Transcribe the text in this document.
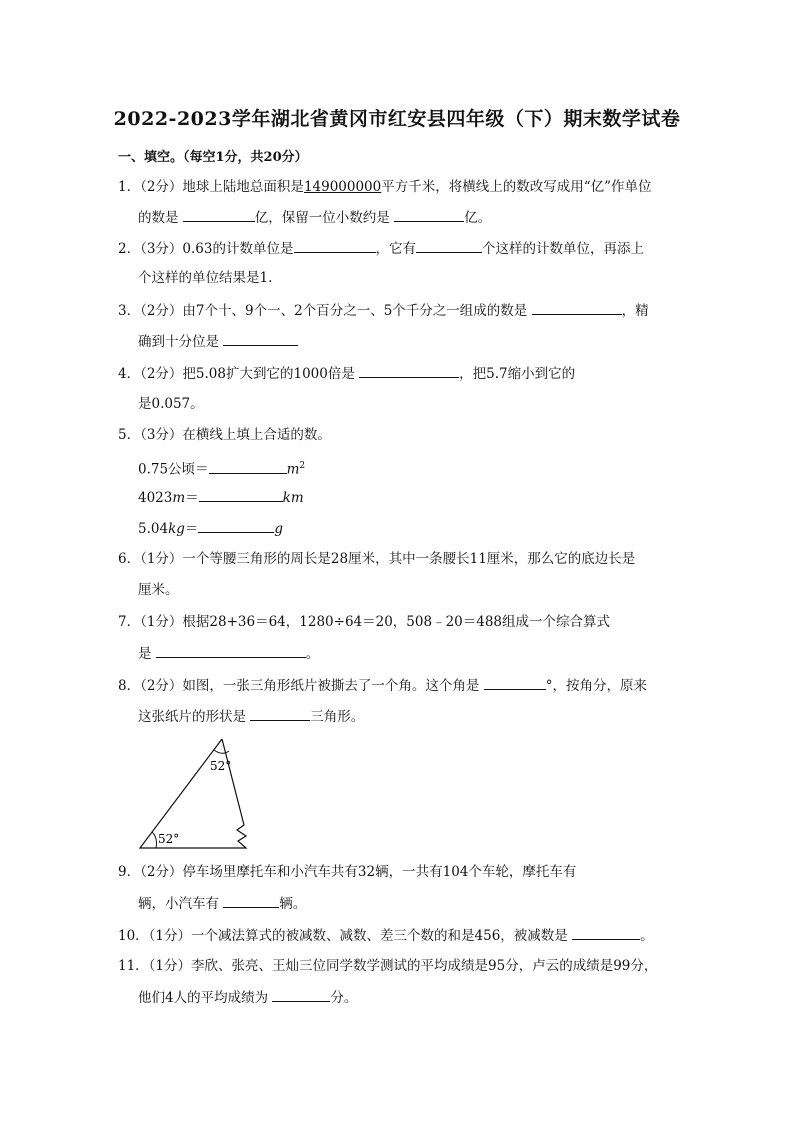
2022-2023学年湖北省黄冈市红安县四年级（下）期末数学试卷
一、填空。（每空1分，共20分）
1．（2分）地球上陆地总面积是149000000平方千米，将横线上的数改写成用“亿”作单位
的数是	亿，保留一位小数约是	亿。
2．（3分）0.63的计数单位是	，它有	个这样的计数单位，再添上
个这样的单位结果是1.
3．（2分）由7个十、9个一、2个百分之一、5个千分之一组成的数是	，精
确到十分位是
4．（2分）把5.08扩大到它的1000倍是	，把5.7缩小到它的
是0.057。
5．（3分）在横线上填上合适的数。
0.75公顷＝	$m^2$
4023m＝	km
5.04kg＝	g
6．（1分）一个等腰三角形的周长是28厘米，其中一条腰长11厘米，那么它的底边长是
厘米。
7．（1分）根据28+36＝64，1280÷64＝20，508﹣20＝488组成一个综合算式
是	。
8．（2分）如图，一张三角形纸片被撕去了一个角。这个角是	°，按角分，原来
这张纸片的形状是	三角形。
52°
52°
9．（2分）停车场里摩托车和小汽车共有32辆，一共有104个车轮，摩托车有
辆，小汽车有	辆。
10．（1分）一个减法算式的被减数、减数、差三个数的和是456，被减数是	。
11．（1分）李欣、张亮、王灿三位同学数学测试的平均成绩是95分，卢云的成绩是99分，
他们4人的平均成绩为	分。
